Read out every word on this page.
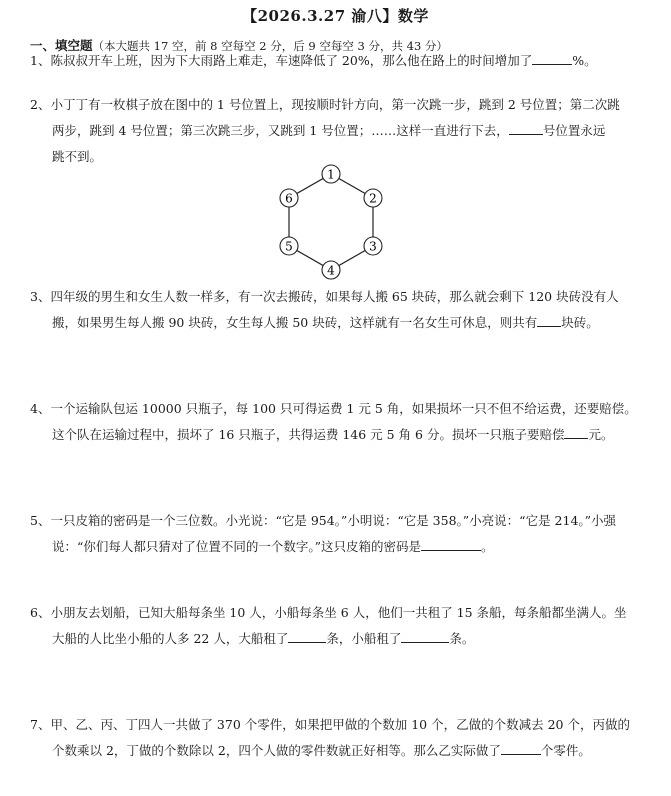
【2026.3.27 渝八】数学
一、填空题（本大题共 17 空，前 8 空每空 2 分，后 9 空每空 3 分，共 43 分）
1、陈叔叔开车上班，因为下大雨路上难走，车速降低了 20%，那么他在路上的时间增加了	%。
2、小丁丁有一枚棋子放在图中的 1 号位置上，现按顺时针方向，第一次跳一步，跳到 2 号位置；第二次跳
两步，跳到 4 号位置；第三次跳三步，又跳到 1 号位置；……这样一直进行下去，	号位置永远
跳不到。
1
2
3
4
5
6
3、四年级的男生和女生人数一样多，有一次去搬砖，如果每人搬 65 块砖，那么就会剩下 120 块砖没有人
搬，如果男生每人搬 90 块砖，女生每人搬 50 块砖，这样就有一名女生可休息，则共有 块砖。
4、一个运输队包运 10000 只瓶子，每 100 只可得运费 1 元 5 角，如果损坏一只不但不给运费，还要赔偿。
这个队在运输过程中，损坏了 16 只瓶子，共得运费 146 元 5 角 6 分。损坏一只瓶子要赔偿 元。
5、一只皮箱的密码是一个三位数。小光说：“它是 954。”小明说：“它是 358。”小亮说：“它是 214。”小强
说：“你们每人都只猜对了位置不同的一个数字。”这只皮箱的密码是	。
6、小朋友去划船，已知大船每条坐 10 人，小船每条坐 6 人，他们一共租了 15 条船，每条船都坐满人。坐
大船的人比坐小船的人多 22 人，大船租了	条，小船租了	条。
7、甲、乙、丙、丁四人一共做了 370 个零件，如果把甲做的个数加 10 个，乙做的个数减去 20 个，丙做的
个数乘以 2，丁做的个数除以 2，四个人做的零件数就正好相等。那么乙实际做了	个零件。
